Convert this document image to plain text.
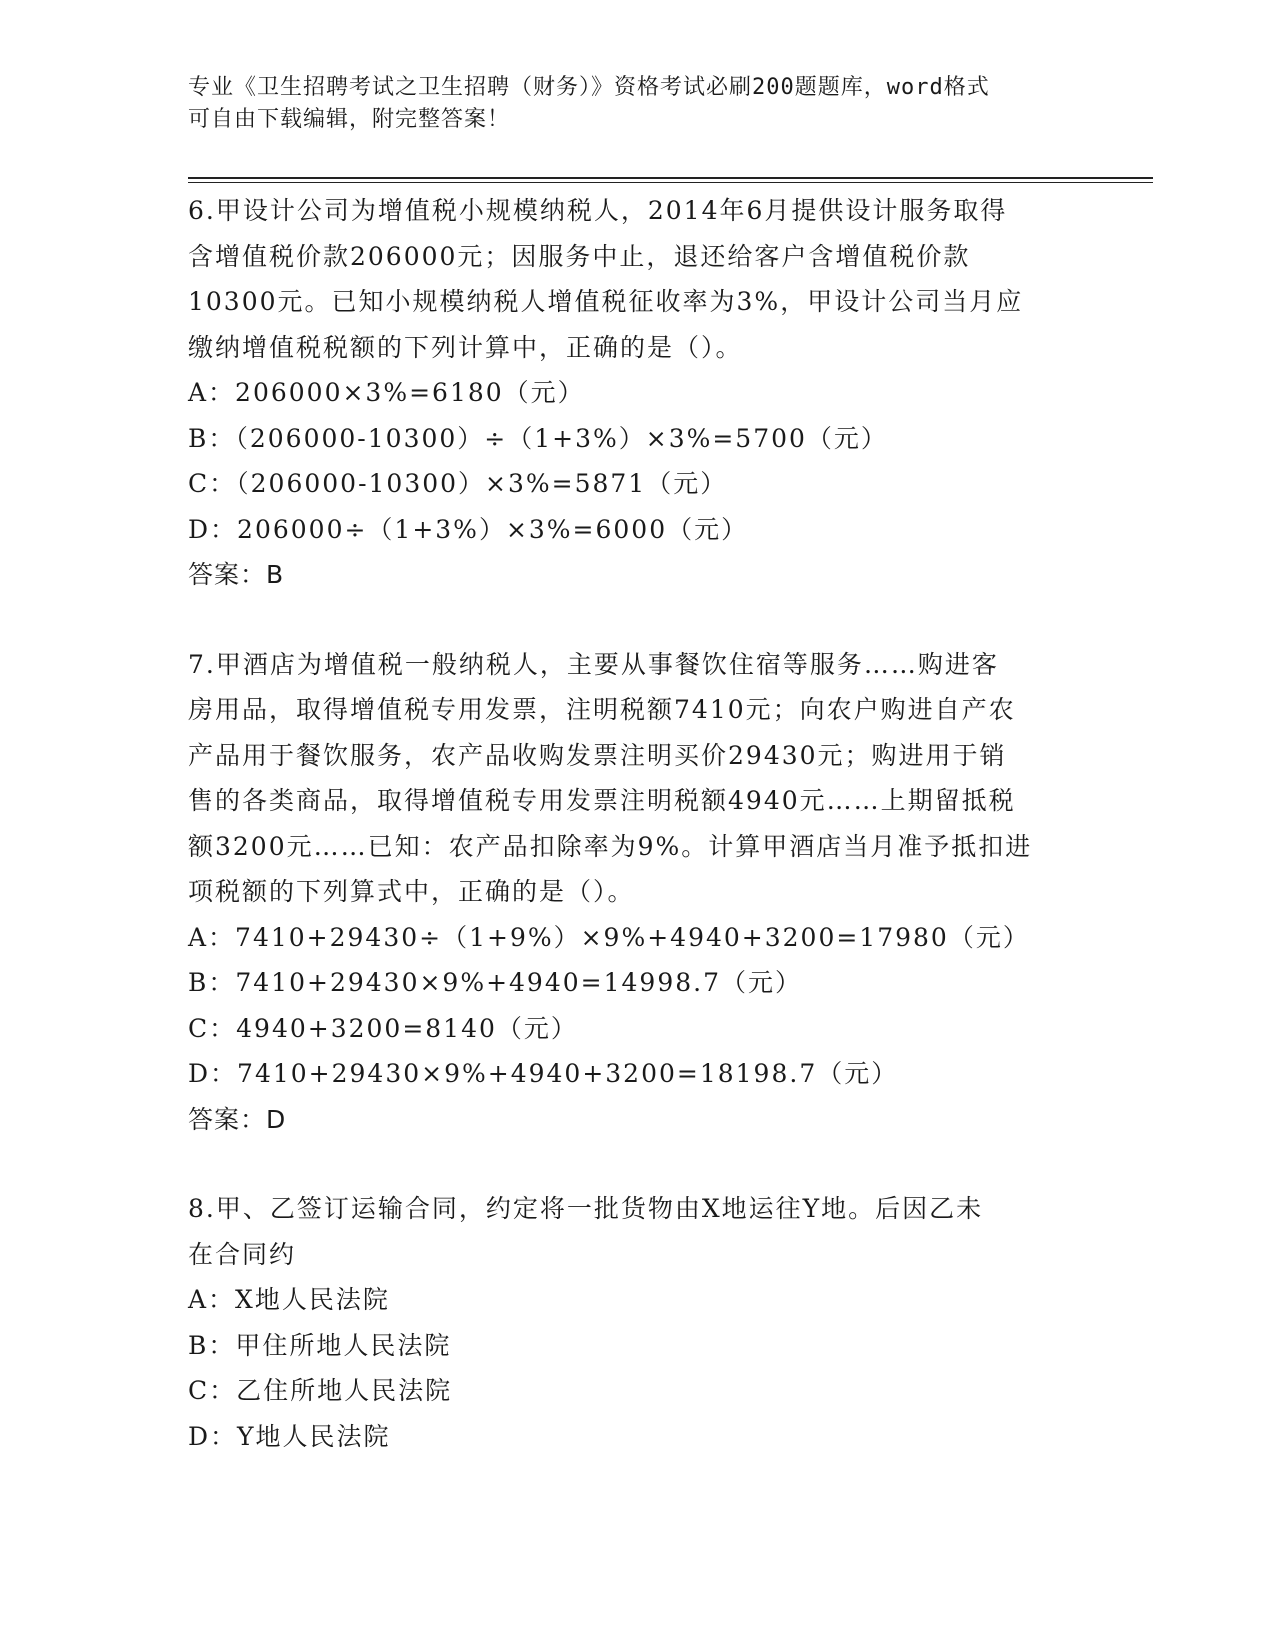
专业《卫生招聘考试之卫生招聘（财务）》资格考试必刷200题题库，word格式
可自由下载编辑，附完整答案！

6.甲设计公司为增值税小规模纳税人，2014年6月提供设计服务取得

含增值税价款206000元；因服务中止，退还给客户含增值税价款

10300元。已知小规模纳税人增值税征收率为3%，甲设计公司当月应

缴纳增值税税额的下列计算中，正确的是（）。

A：206000×3%=6180（元）

B：（206000-10300）÷（1+3%）×3%=5700（元）

C：（206000-10300）×3%=5871（元）

D：206000÷（1+3%）×3%=6000（元）

答案：B

7.甲酒店为增值税一般纳税人，主要从事餐饮住宿等服务……购进客

房用品，取得增值税专用发票，注明税额7410元；向农户购进自产农

产品用于餐饮服务，农产品收购发票注明买价29430元；购进用于销

售的各类商品，取得增值税专用发票注明税额4940元……上期留抵税

额3200元……已知：农产品扣除率为9%。计算甲酒店当月准予抵扣进

项税额的下列算式中，正确的是（）。

A：7410+29430÷（1+9%）×9%+4940+3200=17980（元）

B：7410+29430×9%+4940=14998.7（元）

C：4940+3200=8140（元）

D：7410+29430×9%+4940+3200=18198.7（元）

答案：D

8.甲、乙签订运输合同，约定将一批货物由X地运往Y地。后因乙未

在合同约

A：X地人民法院

B：甲住所地人民法院

C：乙住所地人民法院

D：Y地人民法院
